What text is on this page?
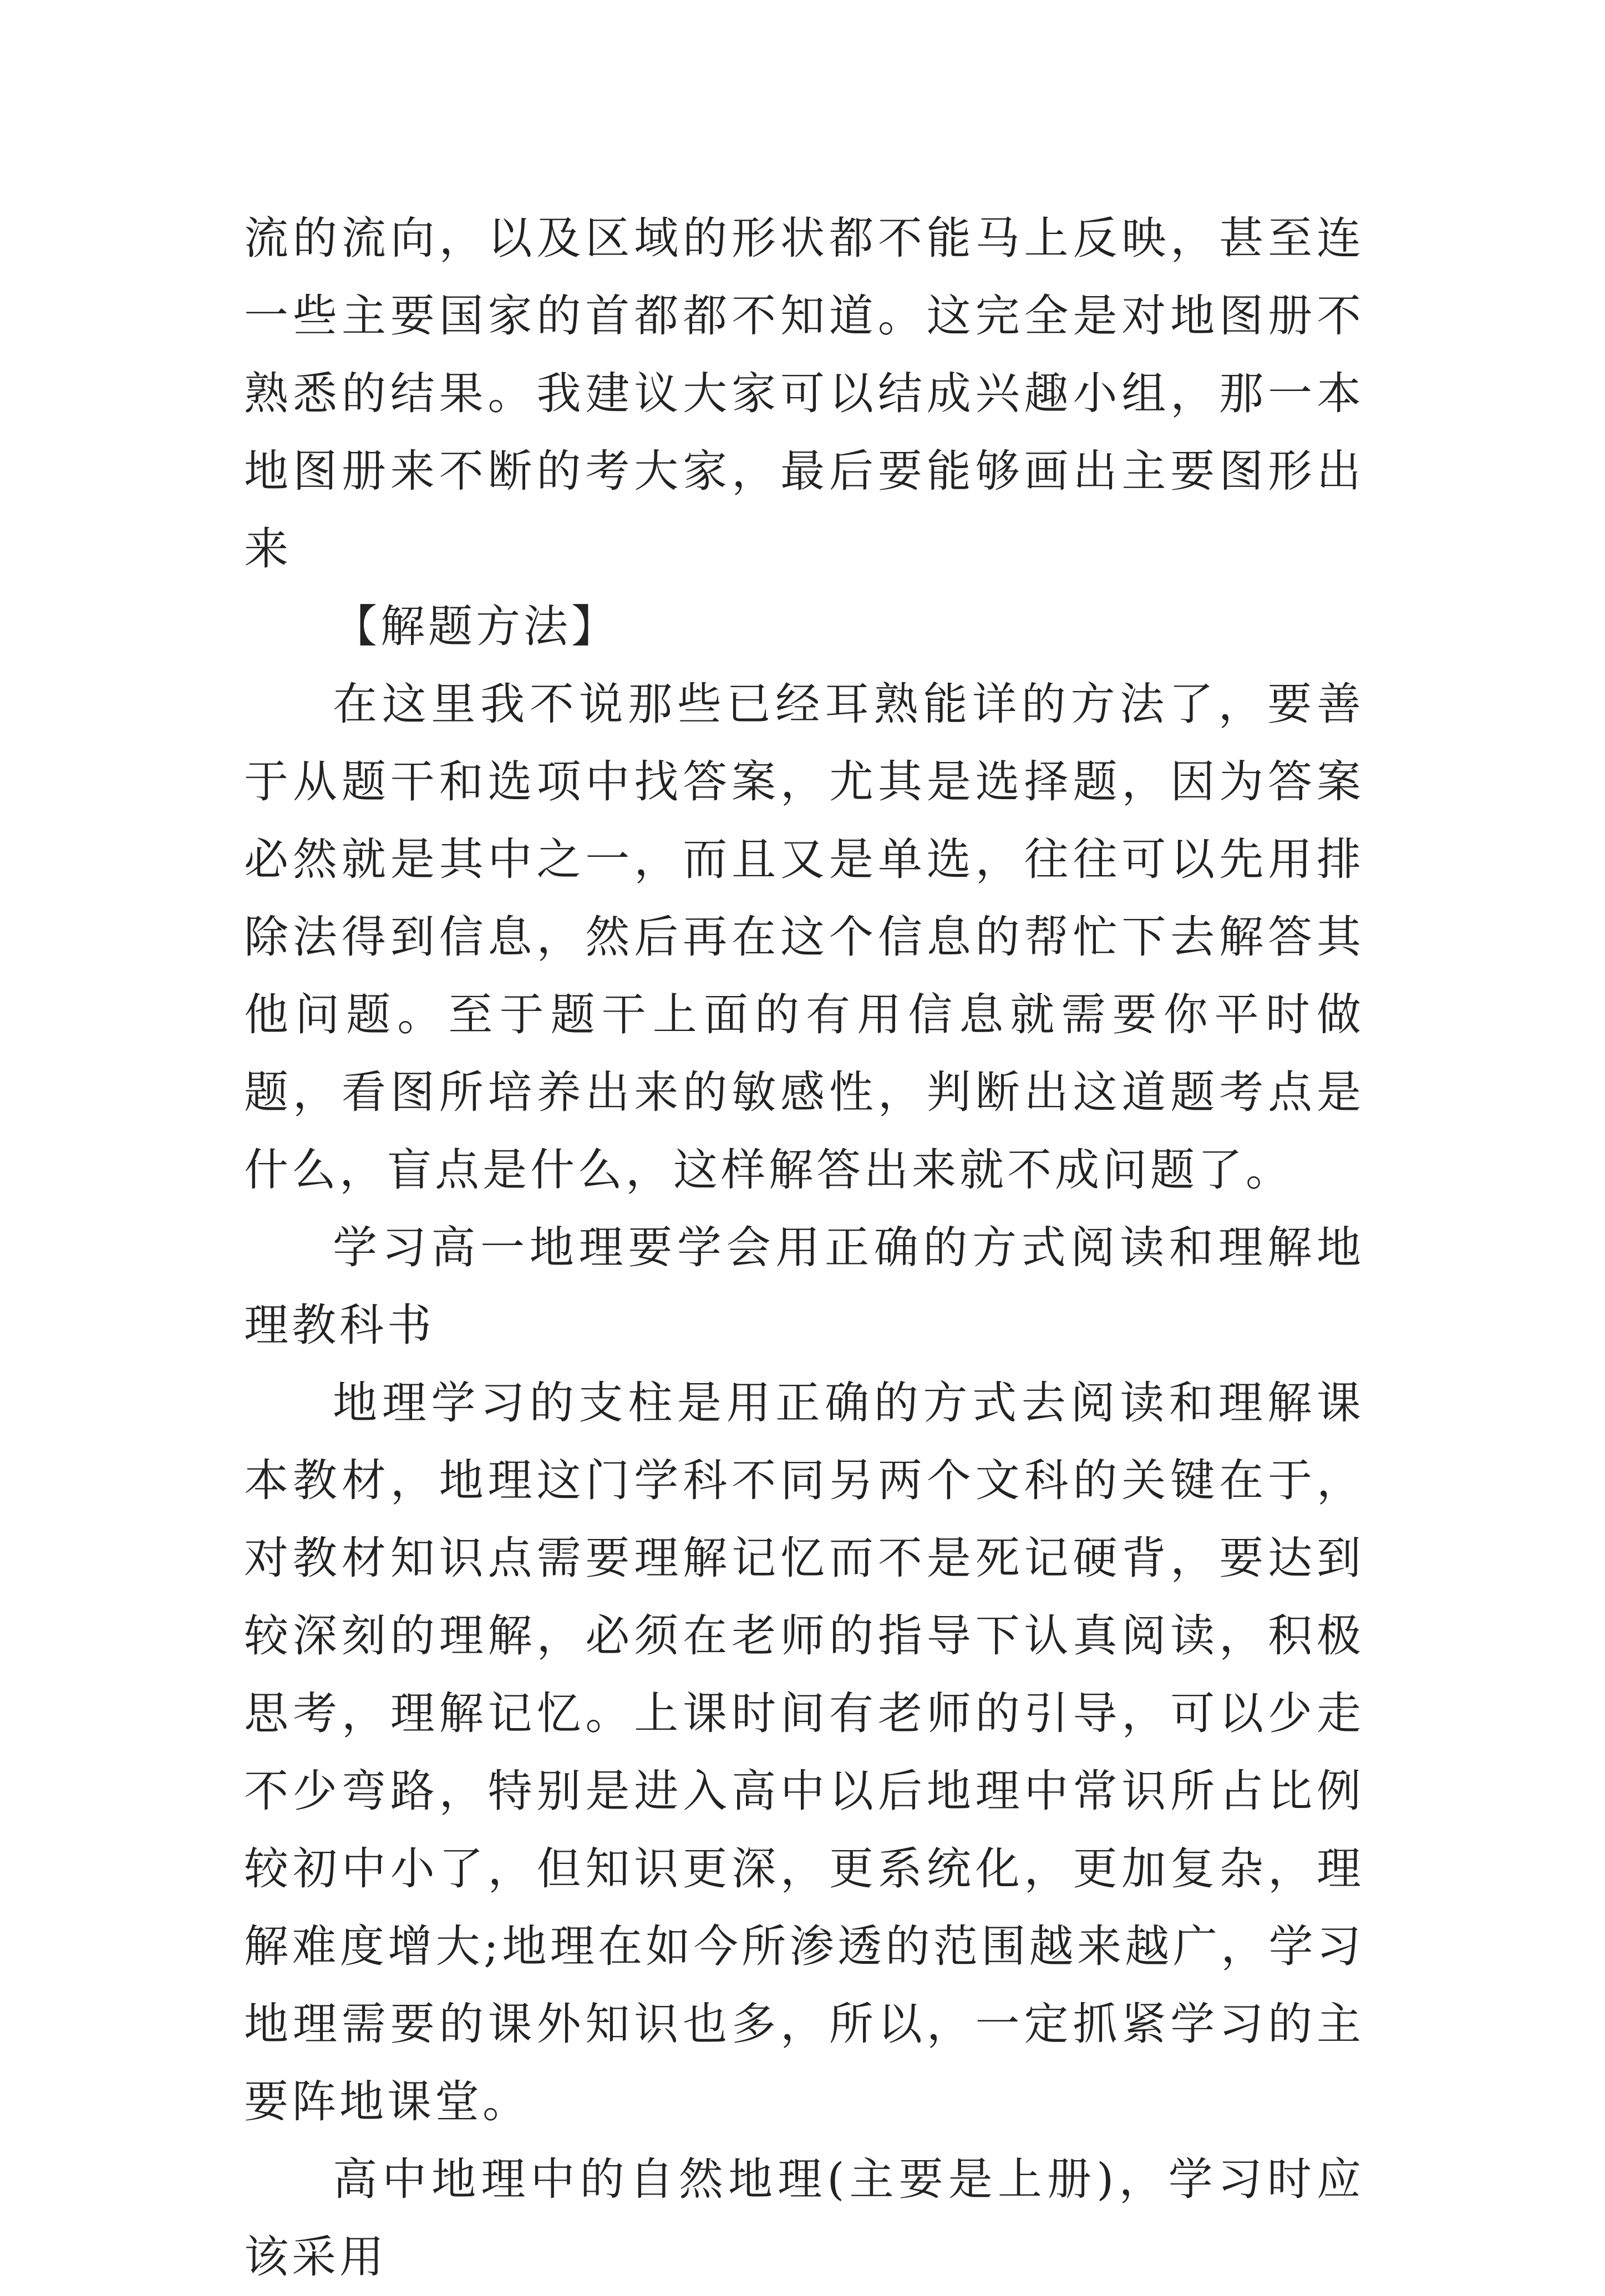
流的流向，以及区域的形状都不能马上反映，甚至连一些主要国家的首都都不知道。这完全是对地图册不熟悉的结果。我建议大家可以结成兴趣小组，那一本地图册来不断的考大家，最后要能够画出主要图形出来

【解题方法】

在这里我不说那些已经耳熟能详的方法了，要善于从题干和选项中找答案，尤其是选择题，因为答案必然就是其中之一，而且又是单选，往往可以先用排除法得到信息，然后再在这个信息的帮忙下去解答其他问题。至于题干上面的有用信息就需要你平时做题，看图所培养出来的敏感性，判断出这道题考点是什么，盲点是什么，这样解答出来就不成问题了。

学习高一地理要学会用正确的方式阅读和理解地理教科书

地理学习的支柱是用正确的方式去阅读和理解课本教材，地理这门学科不同另两个文科的关键在于，对教材知识点需要理解记忆而不是死记硬背，要达到较深刻的理解，必须在老师的指导下认真阅读，积极思考，理解记忆。上课时间有老师的引导，可以少走不少弯路，特别是进入高中以后地理中常识所占比例较初中小了，但知识更深，更系统化，更加复杂，理解难度增大;地理在如今所渗透的范围越来越广，学习地理需要的课外知识也多，所以，一定抓紧学习的主要阵地课堂。

高中地理中的自然地理(主要是上册)，学习时应该采用
